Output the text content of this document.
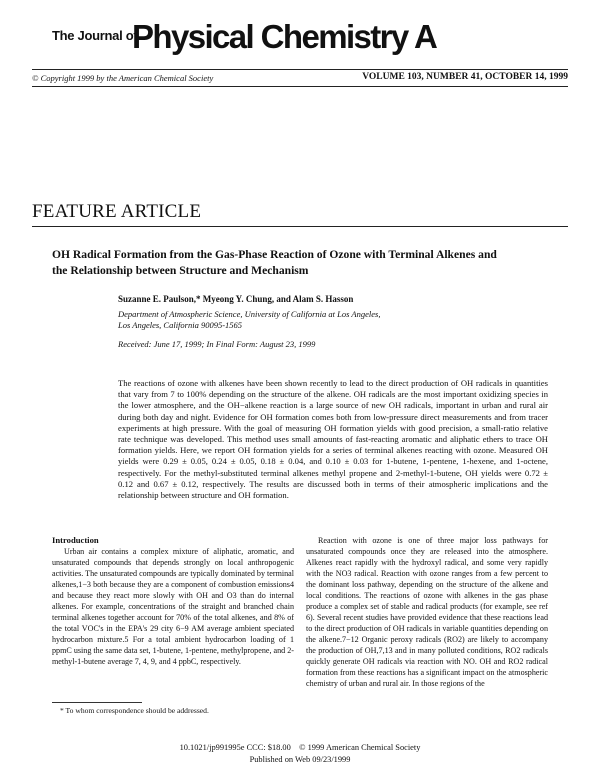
The Journal of
Physical Chemistry A
© Copyright 1999 by the American Chemical Society	VOLUME 103, NUMBER 41, OCTOBER 14, 1999
FEATURE ARTICLE
OH Radical Formation from the Gas-Phase Reaction of Ozone with Terminal Alkenes and
the Relationship between Structure and Mechanism
Suzanne E. Paulson,* Myeong Y. Chung, and Alam S. Hasson
Department of Atmospheric Science, University of California at Los Angeles,
Los Angeles, California 90095-1565
Received: June 17, 1999; In Final Form: August 23, 1999

The reactions of ozone with alkenes have been shown recently to lead to the direct production of OH radicals in quantities that vary from 7 to 100% depending on the structure of the alkene. OH radicals are the most important oxidizing species in the lower atmosphere, and the OH−alkene reaction is a large source of new OH radicals, important in urban and rural air during both day and night. Evidence for OH formation comes both from low-pressure direct measurements and from tracer experiments at high pressure. With the goal of measuring OH formation yields with good precision, a small-ratio relative rate technique was developed. This method uses small amounts of fast-reacting aromatic and aliphatic ethers to trace OH formation yields. Here, we report OH formation yields for a series of terminal alkenes reacting with ozone. Measured OH yields were 0.29 ± 0.05, 0.24 ± 0.05, 0.18 ± 0.04, and 0.10 ± 0.03 for 1-butene, 1-pentene, 1-hexene, and 1-octene, respectively. For the methyl-substituted terminal alkenes methyl propene and 2-methyl-1-butene, OH yields were 0.72 ± 0.12 and 0.67 ± 0.12, respectively. The results are discussed both in terms of their atmospheric implications and the relationship between structure and OH formation.

Introduction

Urban air contains a complex mixture of aliphatic, aromatic, and unsaturated compounds that depends strongly on local anthropogenic activities. The unsaturated compounds are typically dominated by terminal alkenes,1−3 both because they are a component of combustion emissions4 and because they react more slowly with OH and O3 than do internal alkenes. For example, concentrations of the straight and branched chain terminal alkenes together account for 70% of the total alkenes, and 8% of the total VOC's in the EPA's 29 city 6−9 AM average ambient speciated hydrocarbon mixture.5 For a total ambient hydrocarbon loading of 1 ppmC using the same data set, 1-butene, 1-pentene, methylpropene, and 2-methyl-1-butene average 7, 4, 9, and 4 ppbC, respectively.

Reaction with ozone is one of three major loss pathways for unsaturated compounds once they are released into the atmosphere. Alkenes react rapidly with the hydroxyl radical, and some very rapidly with the NO3 radical. Reaction with ozone ranges from a few percent to the dominant loss pathway, depending on the structure of the alkene and local conditions. The reactions of ozone with alkenes in the gas phase produce a complex set of stable and radical products (for example, see ref 6). Several recent studies have provided evidence that these reactions lead to the direct production of OH radicals in variable quantities depending on the alkene.7−12 Organic peroxy radicals (RO2) are likely to accompany the production of OH,7,13 and in many polluted conditions, RO2 radicals quickly generate OH radicals via reaction with NO. OH and RO2 radical formation from these reactions has a significant impact on the atmospheric chemistry of urban and rural air. In those regions of the

* To whom correspondence should be addressed.
10.1021/jp991995e CCC: $18.00    © 1999 American Chemical Society
Published on Web 09/23/1999
